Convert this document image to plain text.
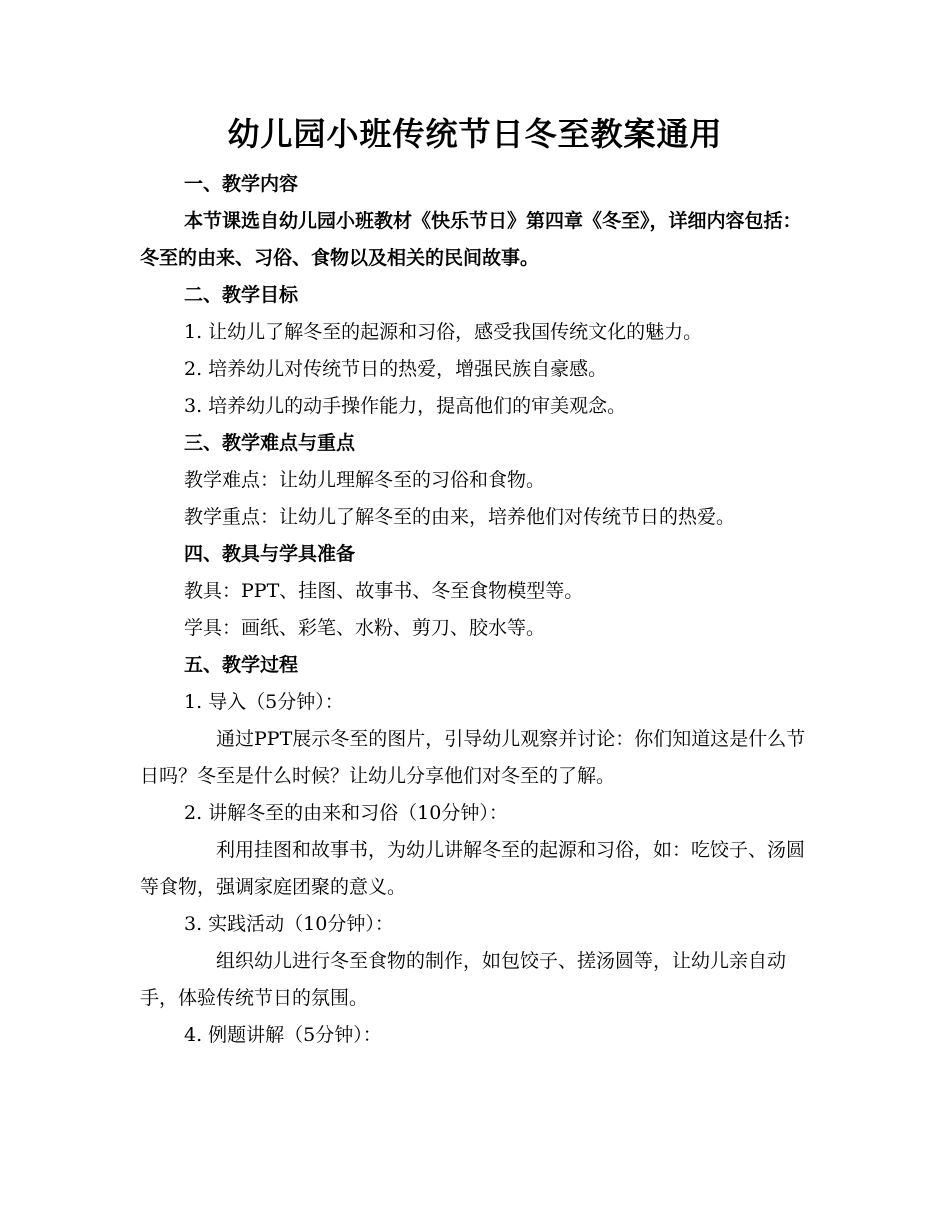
幼儿园小班传统节日冬至教案通用

一、教学内容

本节课选自幼儿园小班教材《快乐节日》第四章《冬至》，详细内容包括：冬至的由来、习俗、食物以及相关的民间故事。

二、教学目标

1. 让幼儿了解冬至的起源和习俗，感受我国传统文化的魅力。

2. 培养幼儿对传统节日的热爱，增强民族自豪感。

3. 培养幼儿的动手操作能力，提高他们的审美观念。

三、教学难点与重点

教学难点：让幼儿理解冬至的习俗和食物。

教学重点：让幼儿了解冬至的由来，培养他们对传统节日的热爱。

四、教具与学具准备

教具：PPT、挂图、故事书、冬至食物模型等。

学具：画纸、彩笔、水粉、剪刀、胶水等。

五、教学过程

1. 导入（5分钟）：

通过PPT展示冬至的图片，引导幼儿观察并讨论：你们知道这是什么节日吗？冬至是什么时候？让幼儿分享他们对冬至的了解。

2. 讲解冬至的由来和习俗（10分钟）：

利用挂图和故事书，为幼儿讲解冬至的起源和习俗，如：吃饺子、汤圆等食物，强调家庭团聚的意义。

3. 实践活动（10分钟）：

组织幼儿进行冬至食物的制作，如包饺子、搓汤圆等，让幼儿亲自动手，体验传统节日的氛围。

4. 例题讲解（5分钟）：
